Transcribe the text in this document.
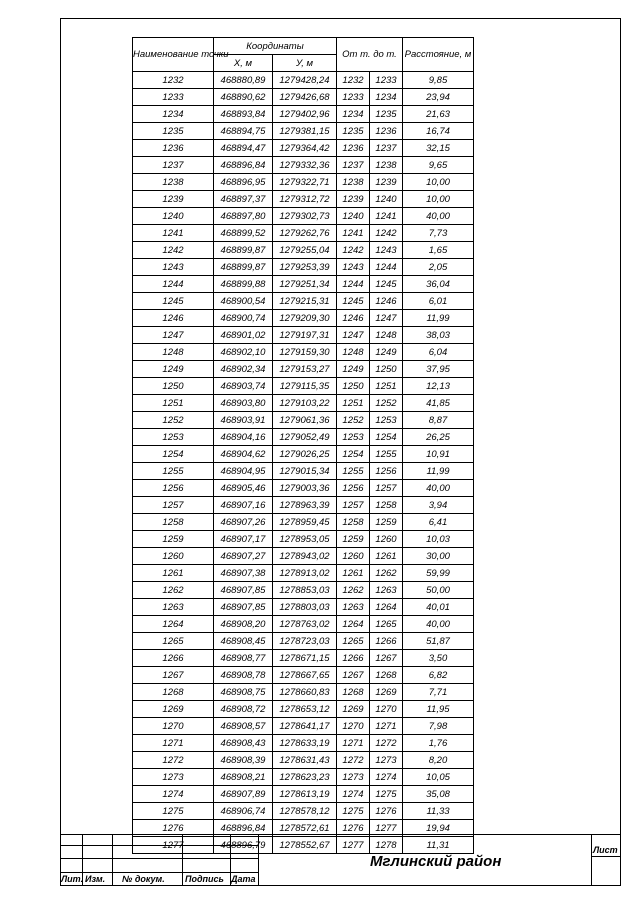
Наименование точки	Координаты		От т. до т.		Расстояние, м
	X, м	У, м			
1232	468880,89	1279428,24	1232	1233	9,85
1233	468890,62	1279426,68	1233	1234	23,94
1234	468893,84	1279402,96	1234	1235	21,63
1235	468894,75	1279381,15	1235	1236	16,74
1236	468894,47	1279364,42	1236	1237	32,15
1237	468896,84	1279332,36	1237	1238	9,65
1238	468896,95	1279322,71	1238	1239	10,00
1239	468897,37	1279312,72	1239	1240	10,00
1240	468897,80	1279302,73	1240	1241	40,00
1241	468899,52	1279262,76	1241	1242	7,73
1242	468899,87	1279255,04	1242	1243	1,65
1243	468899,87	1279253,39	1243	1244	2,05
1244	468899,88	1279251,34	1244	1245	36,04
1245	468900,54	1279215,31	1245	1246	6,01
1246	468900,74	1279209,30	1246	1247	11,99
1247	468901,02	1279197,31	1247	1248	38,03
1248	468902,10	1279159,30	1248	1249	6,04
1249	468902,34	1279153,27	1249	1250	37,95
1250	468903,74	1279115,35	1250	1251	12,13
1251	468903,80	1279103,22	1251	1252	41,85
1252	468903,91	1279061,36	1252	1253	8,87
1253	468904,16	1279052,49	1253	1254	26,25
1254	468904,62	1279026,25	1254	1255	10,91
1255	468904,95	1279015,34	1255	1256	11,99
1256	468905,46	1279003,36	1256	1257	40,00
1257	468907,16	1278963,39	1257	1258	3,94
1258	468907,26	1278959,45	1258	1259	6,41
1259	468907,17	1278953,05	1259	1260	10,03
1260	468907,27	1278943,02	1260	1261	30,00
1261	468907,38	1278913,02	1261	1262	59,99
1262	468907,85	1278853,03	1262	1263	50,00
1263	468907,85	1278803,03	1263	1264	40,01
1264	468908,20	1278763,02	1264	1265	40,00
1265	468908,45	1278723,03	1265	1266	51,87
1266	468908,77	1278671,15	1266	1267	3,50
1267	468908,78	1278667,65	1267	1268	6,82
1268	468908,75	1278660,83	1268	1269	7,71
1269	468908,72	1278653,12	1269	1270	11,95
1270	468908,57	1278641,17	1270	1271	7,98
1271	468908,43	1278633,19	1271	1272	1,76
1272	468908,39	1278631,43	1272	1273	8,20
1273	468908,21	1278623,23	1273	1274	10,05
1274	468907,89	1278613,19	1274	1275	35,08
1275	468906,74	1278578,12	1275	1276	11,33
1276	468896,84	1278572,61	1276	1277	19,94
1277	468896,79	1278552,67	1277	1278	11,31
Лит. Изм. № докум. Подпись Дата
Лист
Мглинский район
